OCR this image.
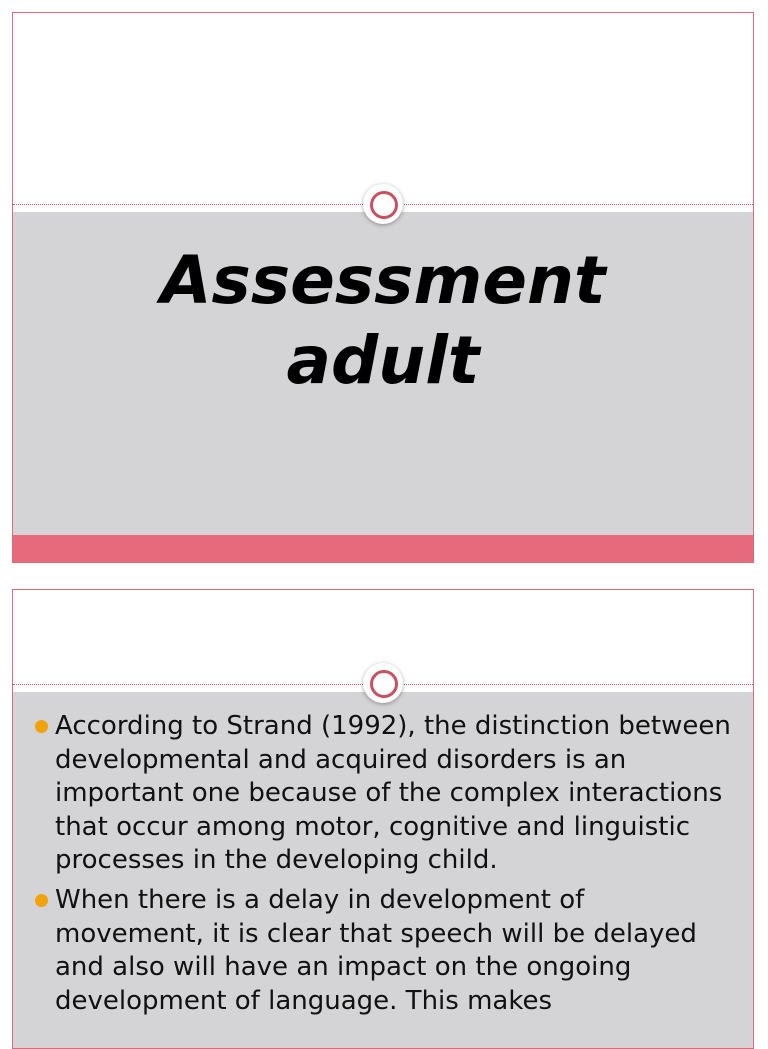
Assessment
adult
According to Strand (1992), the distinction between developmental and acquired disorders is an important one because of the complex interactions that occur among motor, cognitive and linguistic processes in the developing child.
When there is a delay in development of movement, it is clear that speech will be delayed and also will have an impact on the ongoing development of language. This makes
